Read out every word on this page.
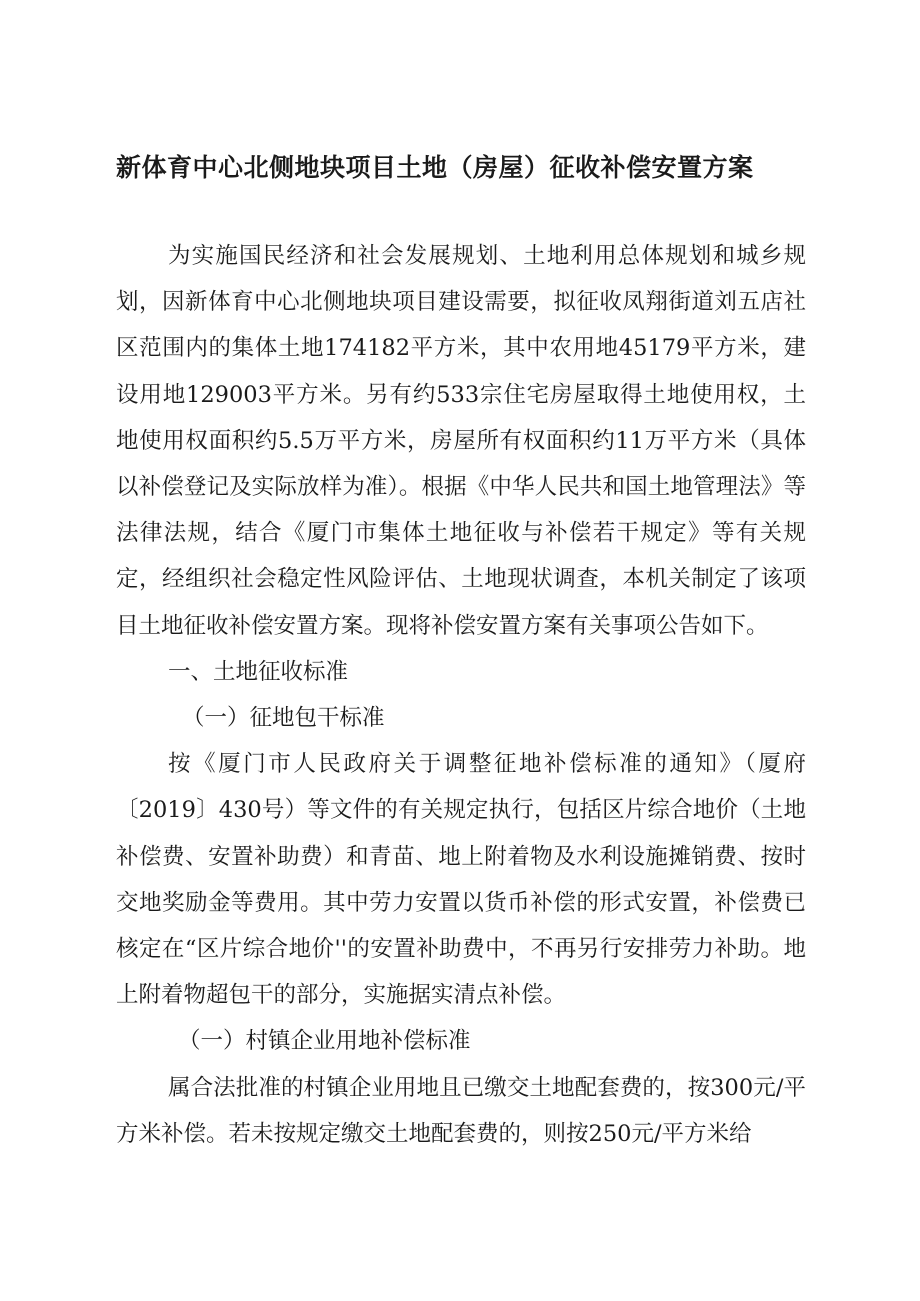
新体育中心北侧地块项目土地（房屋）征收补偿安置方案

为实施国民经济和社会发展规划、土地利用总体规划和城乡规划，因新体育中心北侧地块项目建设需要，拟征收凤翔街道刘五店社区范围内的集体土地174182平方米，其中农用地45179平方米，建设用地129003平方米。另有约533宗住宅房屋取得土地使用权，土地使用权面积约5.5万平方米，房屋所有权面积约11万平方米（具体以补偿登记及实际放样为准）。根据《中华人民共和国土地管理法》等法律法规，结合《厦门市集体土地征收与补偿若干规定》等有关规定，经组织社会稳定性风险评估、土地现状调查，本机关制定了该项目土地征收补偿安置方案。现将补偿安置方案有关事项公告如下。

一、土地征收标准

（一）征地包干标准

按《厦门市人民政府关于调整征地补偿标准的通知》（厦府〔2019〕430号）等文件的有关规定执行，包括区片综合地价（土地补偿费、安置补助费）和青苗、地上附着物及水利设施摊销费、按时交地奖励金等费用。其中劳力安置以货币补偿的形式安置，补偿费已核定在“区片综合地价''的安置补助费中，不再另行安排劳力补助。地上附着物超包干的部分，实施据实清点补偿。

（一）村镇企业用地补偿标准

属合法批准的村镇企业用地且已缴交土地配套费的，按300元/平方米补偿。若未按规定缴交土地配套费的，则按250元/平方米给
